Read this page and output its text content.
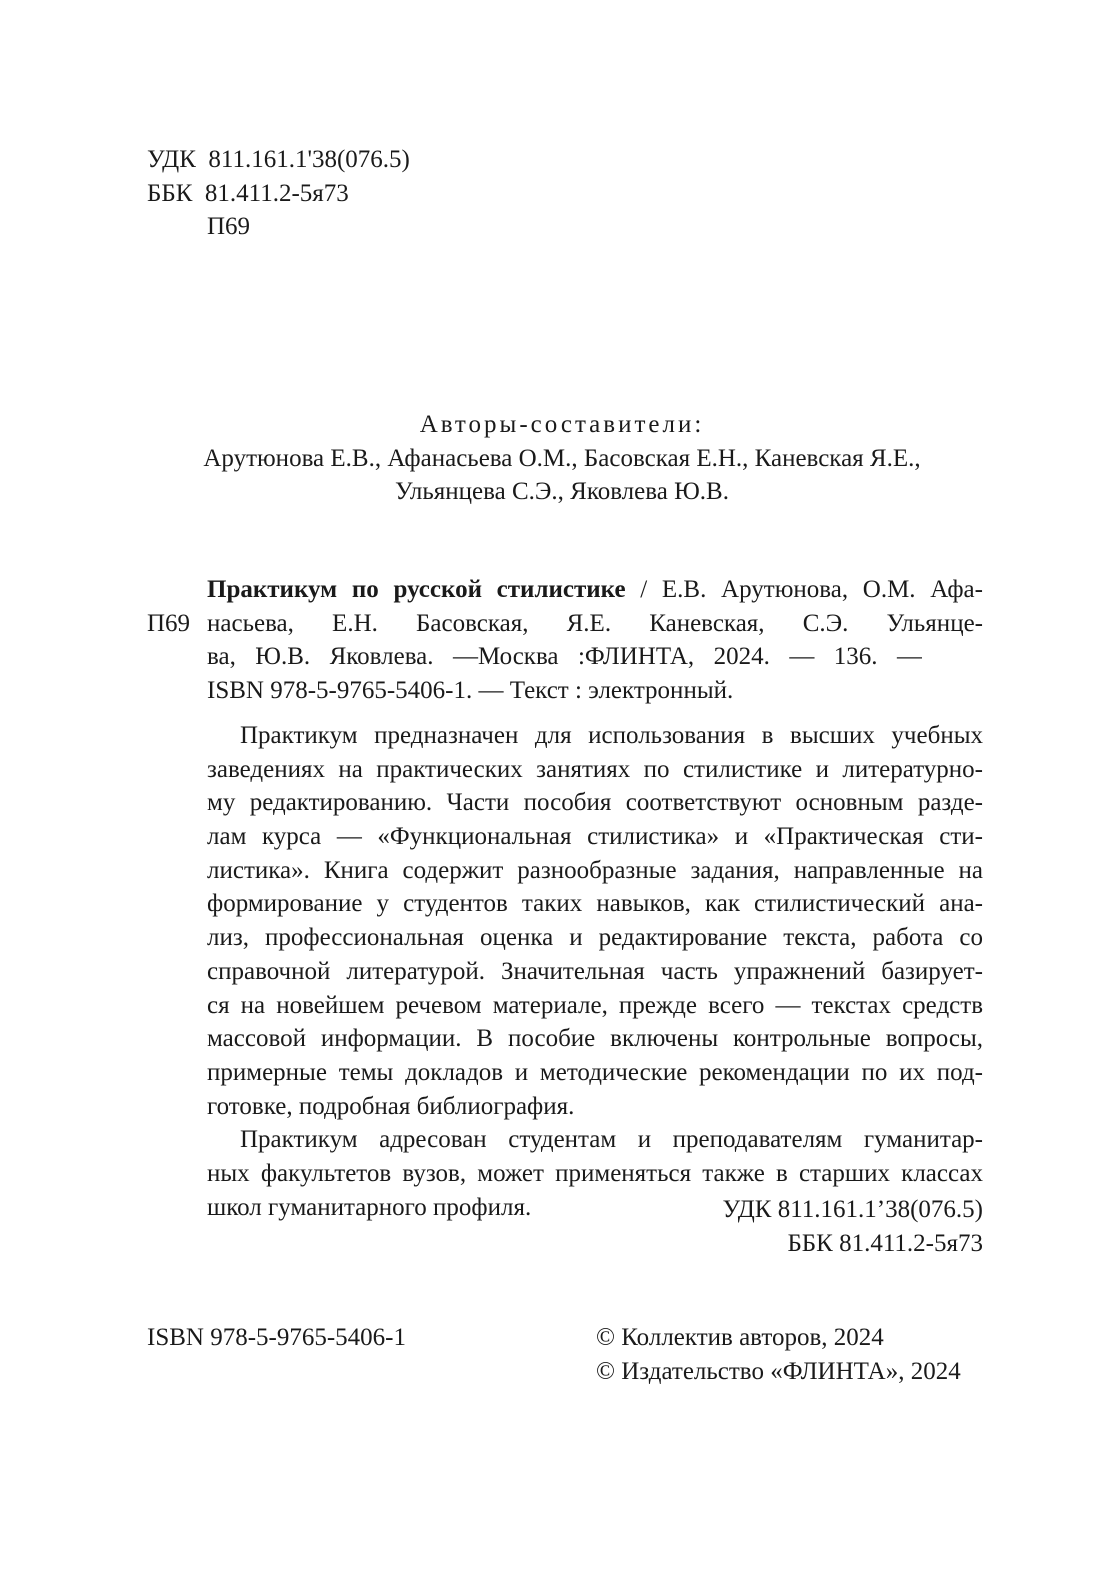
УДК 811.161.1'38(076.5)
ББК 81.411.2-5я73
П69
Авторы-составители:
Арутюнова Е.В., Афанасьева О.М., Басовская Е.Н., Каневская Я.Е.,
Ульянцева С.Э., Яковлева Ю.В.

П69
Практикум по русской стилистике / Е.В. Арутюнова, О.М. Афа-
насьева, Е.Н. Басовская, Я.Е. Каневская, С.Э. Ульянце-
ва, Ю.В. Яковлева. —Москва :ФЛИНТА, 2024. — 136. —
ISBN 978-5-9765-5406-1. — Текст : электронный.
Практикум предназначен для использования в высших учебных
заведениях на практических занятиях по стилистике и литературно-
му редактированию. Части пособия соответствуют основным разде-
лам курса — «Функциональная стилистика» и «Практическая сти-
листика». Книга содержит разнообразные задания, направленные на
формирование у студентов таких навыков, как стилистический ана-
лиз, профессиональная оценка и редактирование текста, работа со
справочной литературой. Значительная часть упражнений базирует-
ся на новейшем речевом материале, прежде всего — текстах средств
массовой информации. В пособие включены контрольные вопросы,
примерные темы докладов и методические рекомендации по их под-
готовке, подробная библиография.
Практикум адресован студентам и преподавателям гуманитар-
ных факультетов вузов, может применяться также в старших классах
школ гуманитарного профиля.	УДК 811.161.1’38(076.5)
ББК 81.411.2-5я73
ISBN 978-5-9765-5406-1	© Коллектив авторов, 2024
© Издательство «ФЛИНТА», 2024
